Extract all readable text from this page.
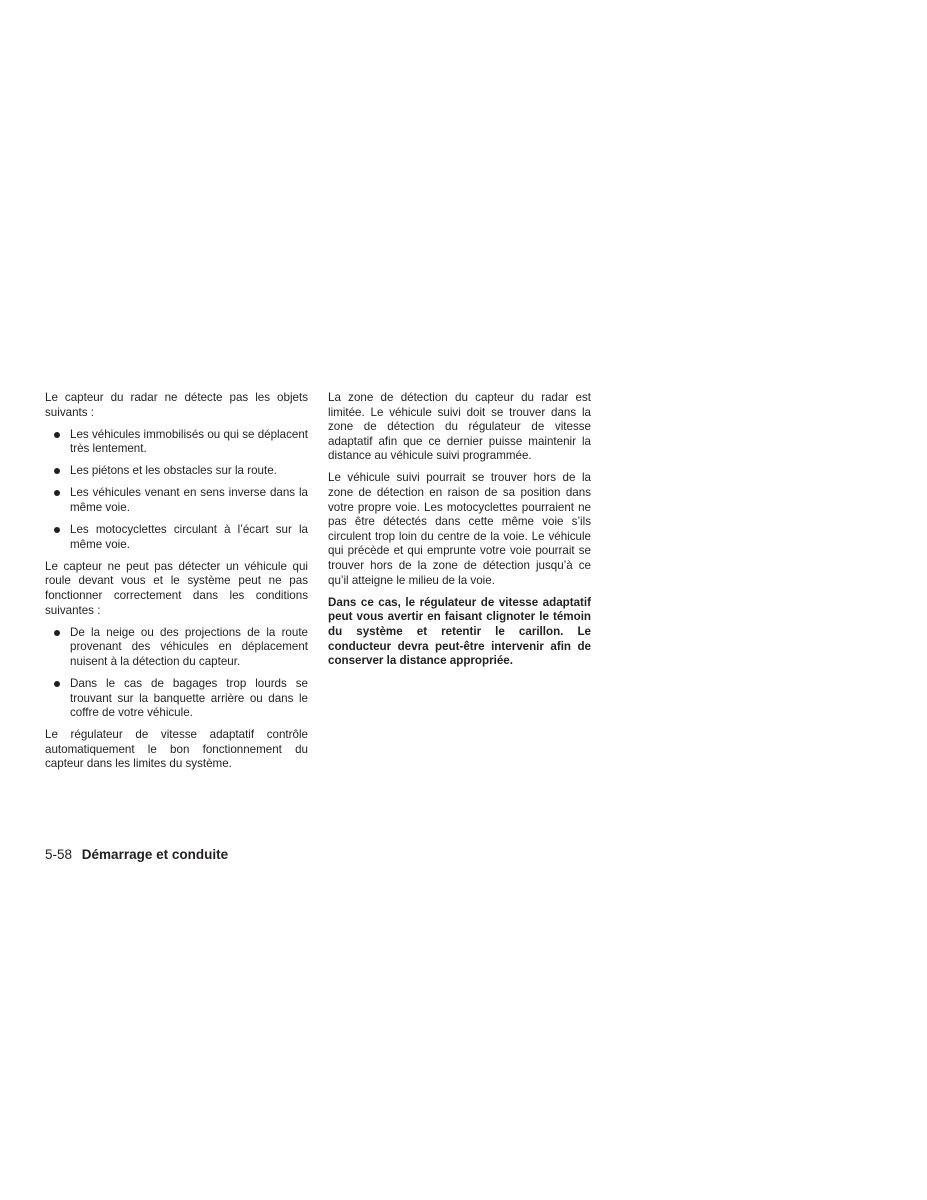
Le capteur du radar ne détecte pas les objets suivants :

Les véhicules immobilisés ou qui se déplacent très lentement.
Les piétons et les obstacles sur la route.
Les véhicules venant en sens inverse dans la même voie.
Les motocyclettes circulant à l’écart sur la même voie.

Le capteur ne peut pas détecter un véhicule qui roule devant vous et le système peut ne pas fonctionner correctement dans les conditions suivantes :

De la neige ou des projections de la route provenant des véhicules en déplacement nuisent à la détection du capteur.
Dans le cas de bagages trop lourds se trouvant sur la banquette arrière ou dans le coffre de votre véhicule.

Le régulateur de vitesse adaptatif contrôle automatiquement le bon fonctionnement du capteur dans les limites du système.

La zone de détection du capteur du radar est limitée. Le véhicule suivi doit se trouver dans la zone de détection du régulateur de vitesse adaptatif afin que ce dernier puisse maintenir la distance au véhicule suivi programmée.

Le véhicule suivi pourrait se trouver hors de la zone de détection en raison de sa position dans votre propre voie. Les motocyclettes pourraient ne pas être détectés dans cette même voie s’ils circulent trop loin du centre de la voie. Le véhicule qui précède et qui emprunte votre voie pourrait se trouver hors de la zone de détection jusqu’à ce qu’il atteigne le milieu de la voie.

Dans ce cas, le régulateur de vitesse adaptatif peut vous avertir en faisant clignoter le témoin du système et retentir le carillon. Le conducteur devra peut-être intervenir afin de conserver la distance appropriée.

5-58 Démarrage et conduite
